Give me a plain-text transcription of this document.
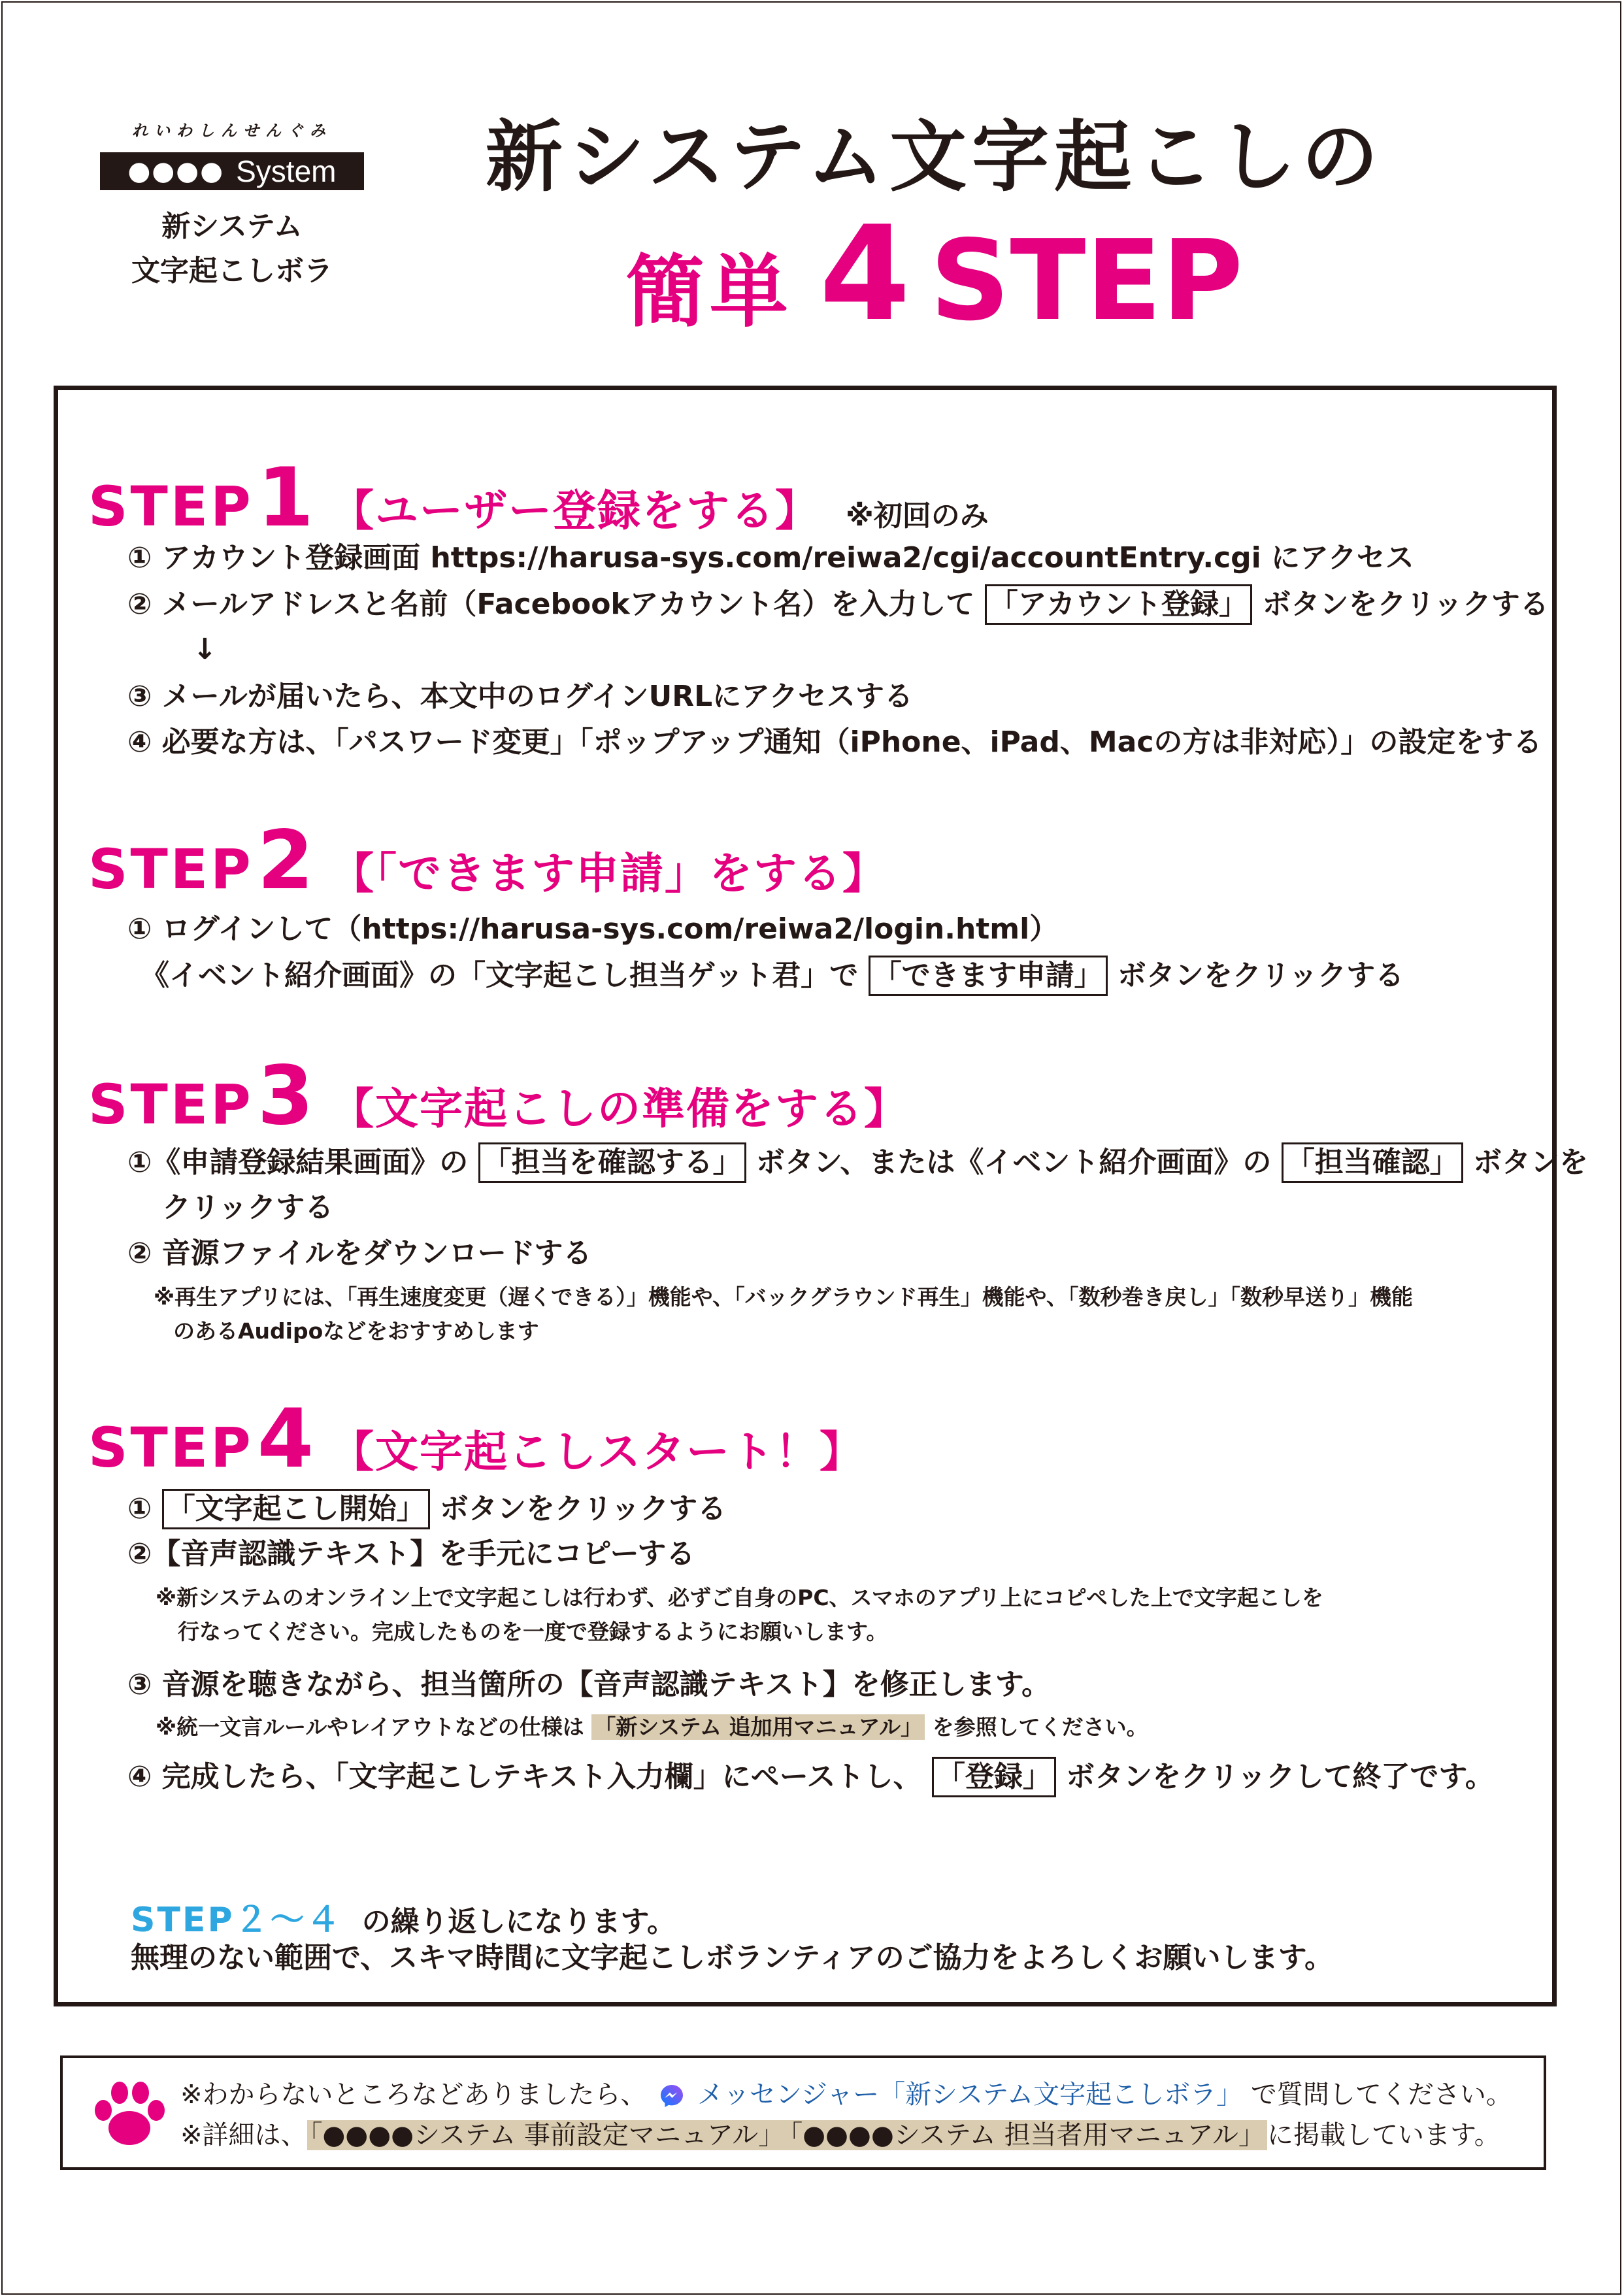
れいわしんせんぐみ
●●●● System
新システム
文字起こしボラ
新システム文字起こしの
簡単 4 STEP
STEP 1 【ユーザー登録をする】 ※初回のみ
① アカウント登録画面 https://harusa-sys.com/reiwa2/cgi/accountEntry.cgi にアクセス
② メールアドレスと名前（Facebookアカウント名）を入力して 「アカウント登録」 ボタンをクリックする
↓
③ メールが届いたら、本文中のログインURLにアクセスする
④ 必要な方は、「パスワード変更」「ポップアップ通知（iPhone、iPad、Macの方は非対応）」の設定をする
STEP 2 【「できます申請」をする】
① ログインして（https://harusa-sys.com/reiwa2/login.html）
《イベント紹介画面》の「文字起こし担当ゲット君」で 「できます申請」 ボタンをクリックする
STEP 3 【文字起こしの準備をする】
①《申請登録結果画面》の 「担当を確認する」 ボタン、または《イベント紹介画面》の 「担当確認」 ボタンを
クリックする
② 音源ファイルをダウンロードする
※再生アプリには、「再生速度変更（遅くできる）」機能や、「バックグラウンド再生」機能や、「数秒巻き戻し」「数秒早送り」機能
のあるAudipoなどをおすすめします
STEP 4 【文字起こしスタート！】
① 「文字起こし開始」 ボタンをクリックする
②【音声認識テキスト】を手元にコピーする
※新システムのオンライン上で文字起こしは行わず、必ずご自身のPC、スマホのアプリ上にコピペした上で文字起こしを
行なってください。完成したものを一度で登録するようにお願いします。
③ 音源を聴きながら、担当箇所の【音声認識テキスト】を修正します。
※統一文言ルールやレイアウトなどの仕様は 「新システム 追加用マニュアル」 を参照してください。
④ 完成したら、「文字起こしテキスト入力欄」にペーストし、 「登録」 ボタンをクリックして終了です。
STEP２〜４ の繰り返しになります。
無理のない範囲で、スキマ時間に文字起こしボランティアのご協力をよろしくお願いします。
※わからないところなどありましたら、 メッセンジャー「新システム文字起こしボラ」 で質問してください。
※詳細は、 「●●●●システム 事前設定マニュアル」 「●●●●システム 担当者用マニュアル」 に掲載しています。
